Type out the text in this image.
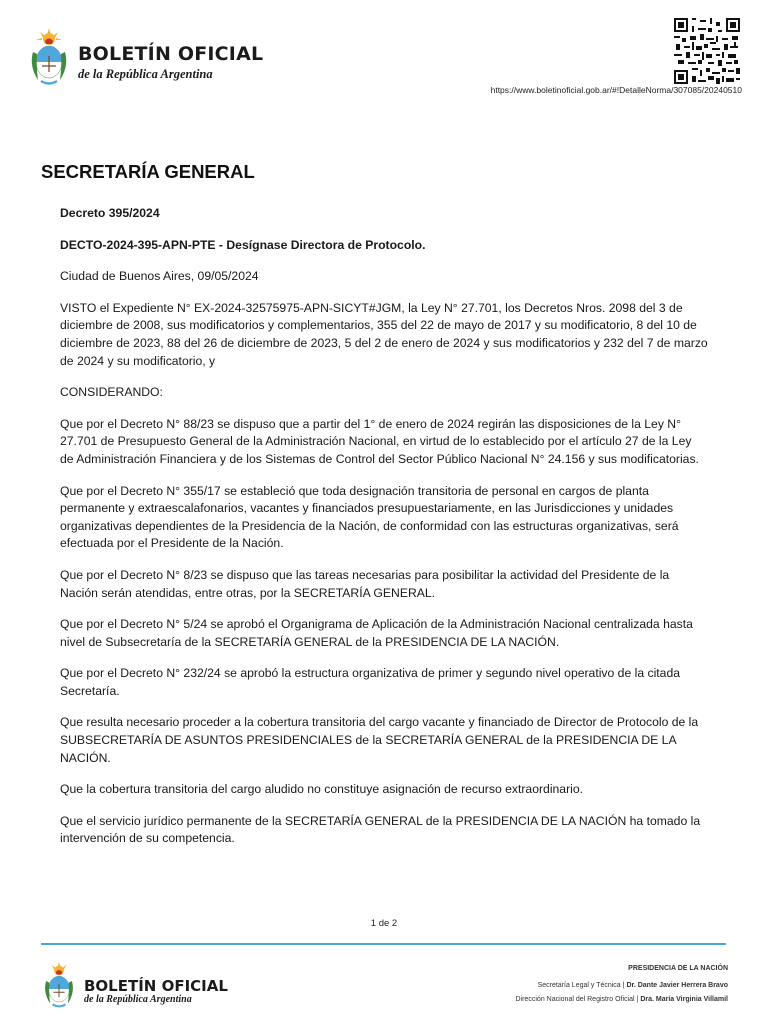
BOLETÍN OFICIAL
de la República Argentina
https://www.boletinoficial.gob.ar/#!DetalleNorma/307085/20240510
SECRETARÍA GENERAL

Decreto 395/2024

DECTO-2024-395-APN-PTE - Desígnase Directora de Protocolo.

Ciudad de Buenos Aires, 09/05/2024

VISTO el Expediente N° EX-2024-32575975-APN-SICYT#JGM, la Ley N° 27.701, los Decretos Nros. 2098 del 3 de diciembre de 2008, sus modificatorios y complementarios, 355 del 22 de mayo de 2017 y su modificatorio, 8 del 10 de diciembre de 2023, 88 del 26 de diciembre de 2023, 5 del 2 de enero de 2024 y sus modificatorios y 232 del 7 de marzo de 2024 y su modificatorio, y

CONSIDERANDO:

Que por el Decreto N° 88/23 se dispuso que a partir del 1° de enero de 2024 regirán las disposiciones de la Ley N° 27.701 de Presupuesto General de la Administración Nacional, en virtud de lo establecido por el artículo 27 de la Ley de Administración Financiera y de los Sistemas de Control del Sector Público Nacional N° 24.156 y sus modificatorias.

Que por el Decreto N° 355/17 se estableció que toda designación transitoria de personal en cargos de planta permanente y extraescalafonarios, vacantes y financiados presupuestariamente, en las Jurisdicciones y unidades organizativas dependientes de la Presidencia de la Nación, de conformidad con las estructuras organizativas, será efectuada por el Presidente de la Nación.

Que por el Decreto N° 8/23 se dispuso que las tareas necesarias para posibilitar la actividad del Presidente de la Nación serán atendidas, entre otras, por la SECRETARÍA GENERAL.

Que por el Decreto N° 5/24 se aprobó el Organigrama de Aplicación de la Administración Nacional centralizada hasta nivel de Subsecretaría de la SECRETARÍA GENERAL de la PRESIDENCIA DE LA NACIÓN.

Que por el Decreto N° 232/24 se aprobó la estructura organizativa de primer y segundo nivel operativo de la citada Secretaría.

Que resulta necesario proceder a la cobertura transitoria del cargo vacante y financiado de Director de Protocolo de la SUBSECRETARÍA DE ASUNTOS PRESIDENCIALES de la SECRETARÍA GENERAL de la PRESIDENCIA DE LA NACIÓN.

Que la cobertura transitoria del cargo aludido no constituye asignación de recurso extraordinario.

Que el servicio jurídico permanente de la SECRETARÍA GENERAL de la PRESIDENCIA DE LA NACIÓN ha tomado la intervención de su competencia.

1 de 2
BOLETÍN OFICIAL
de la República Argentina
PRESIDENCIA DE LA NACIÓN
Secretaría Legal y Técnica | Dr. Dante Javier Herrera Bravo
Dirección Nacional del Registro Oficial | Dra. María Virginia Villamil
